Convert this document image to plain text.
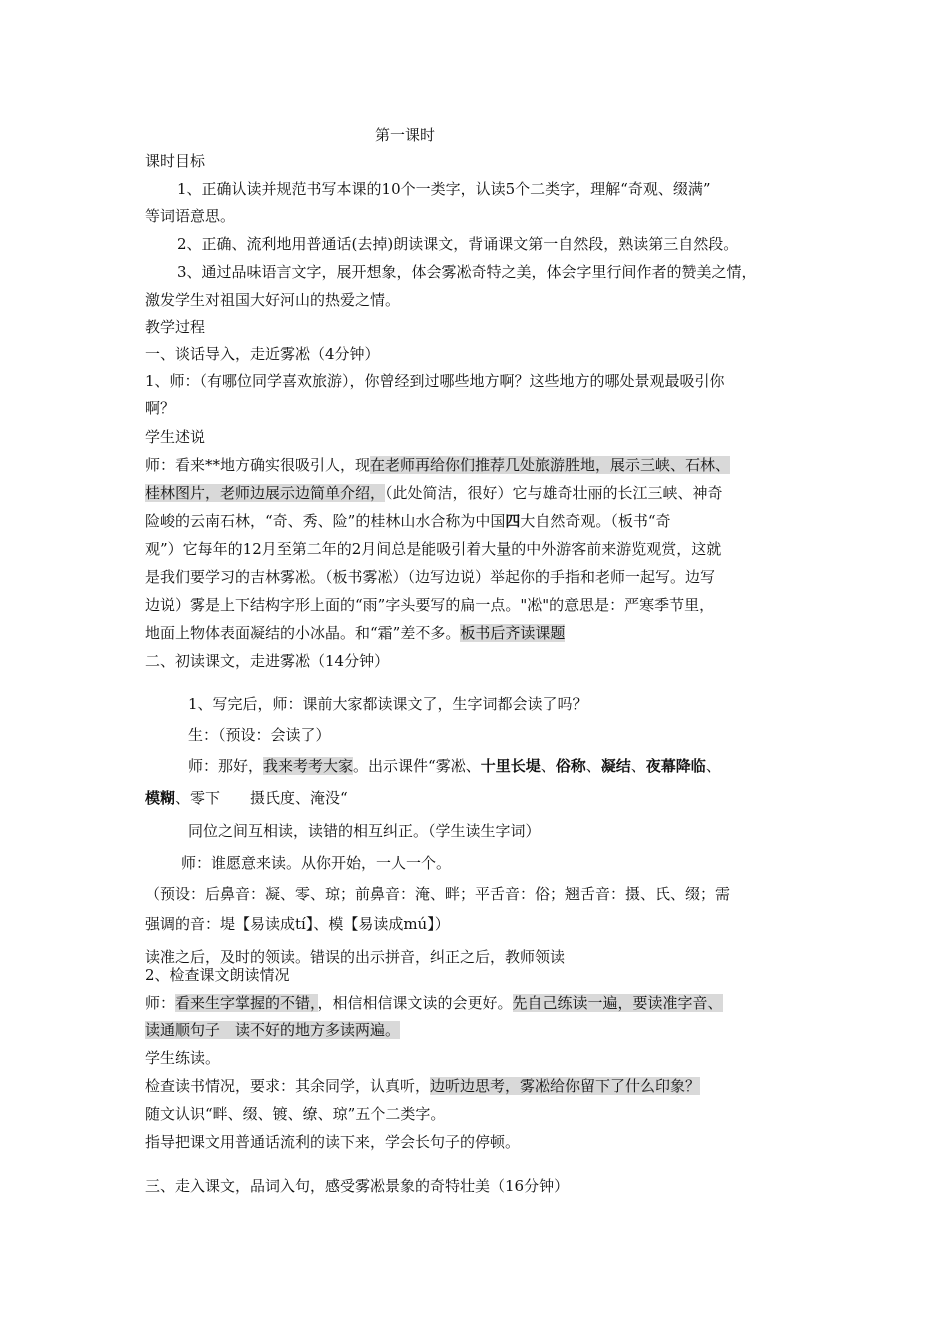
第一课时
课时目标
1、正确认读并规范书写本课的10个一类字，认读5个二类字，理解“奇观、缀满”
等词语意思。
2、正确、流利地用普通话(去掉)朗读课文，背诵课文第一自然段，熟读第三自然段。
3、通过品味语言文字，展开想象，体会雾凇奇特之美，体会字里行间作者的赞美之情，
激发学生对祖国大好河山的热爱之情。
教学过程
一、谈话导入，走近雾凇（4分钟）
1、师：（有哪位同学喜欢旅游），你曾经到过哪些地方啊？这些地方的哪处景观最吸引你
啊？
学生述说
师：看来**地方确实很吸引人，现在老师再给你们推荐几处旅游胜地，展示三峡、石林、
桂林图片，老师边展示边简单介绍，（此处简洁，很好）它与雄奇壮丽的长江三峡、神奇
险峻的云南石林，“奇、秀、险”的桂林山水合称为中国四大自然奇观。（板书“奇
观”）它每年的12月至第二年的2月间总是能吸引着大量的中外游客前来游览观赏，这就
是我们要学习的吉林雾凇。（板书雾凇）（边写边说）举起你的手指和老师一起写。边写
边说）雾是上下结构字形上面的“雨”字头要写的扁一点。"凇"的意思是：严寒季节里，
地面上物体表面凝结的小冰晶。和“霜”差不多。板书后齐读课题
二、初读课文，走进雾凇（14分钟）
1、写完后，师：课前大家都读课文了，生字词都会读了吗？
生：（预设：会读了）
师：那好，我来考考大家。出示课件“雾凇、十里长堤、俗称、凝结、夜幕降临、
模糊、零下　　摄氏度、淹没“
同位之间互相读，读错的相互纠正。（学生读生字词）
师：谁愿意来读。从你开始，一人一个。
（预设：后鼻音：凝、零、琼；前鼻音：淹、畔；平舌音：俗；翘舌音：摄、氏、缀；需
强调的音：堤【易读成tí】、模【易读成mú】）
读准之后，及时的领读。错误的出示拼音，纠正之后，教师领读
2、检查课文朗读情况
师：看来生字掌握的不错，，相信相信课文读的会更好。先自己练读一遍，要读准字音、
读通顺句子　读不好的地方多读两遍。
学生练读。
检查读书情况，要求：其余同学，认真听，边听边思考，雾凇给你留下了什么印象？
随文认识“畔、缀、镀、缭、琼”五个二类字。
指导把课文用普通话流利的读下来，学会长句子的停顿。
三、走入课文，品词入句，感受雾凇景象的奇特壮美（16分钟）
